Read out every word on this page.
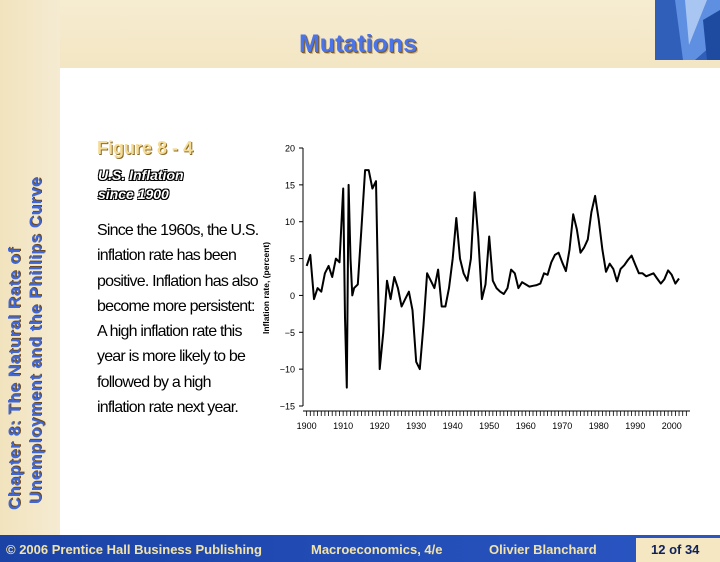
Mutations
Chapter 8: The Natural Rate of Unemployment and the Phillips Curve
Figure 8 - 4
U.S. Inflation
since 1900
Since the 1960s, the U.S. inflation rate has been positive. Inflation has also become more persistent: A high inflation rate this year is more likely to be followed by a high inflation rate next year.
Inflation rate, (percent)
20
15
10
5
0
−5
−10
−15
1900 1910 1920 1930 1940 1950 1960 1970 1980 1990 2000
© 2006 Prentice Hall Business Publishing	Macroeconomics, 4/e	Olivier Blanchard	12 of 34
